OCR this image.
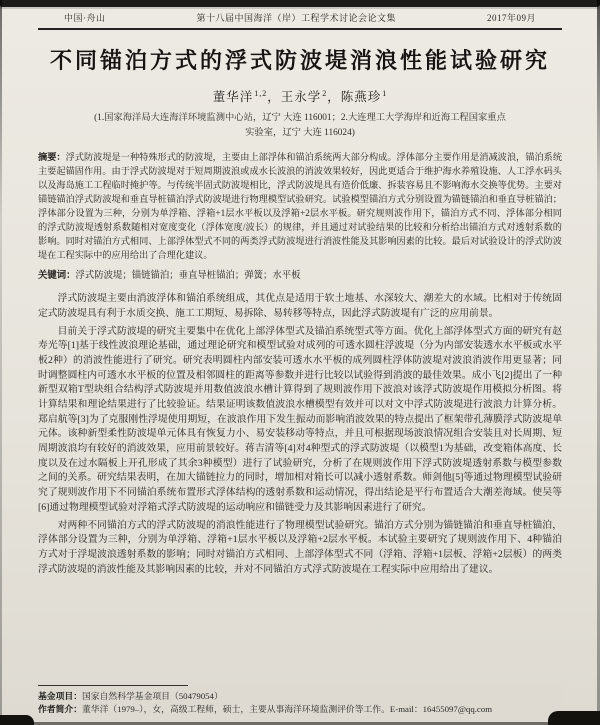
中国·舟山	第十八届中国海洋（岸）工程学术讨论会论文集	2017年09月
不同锚泊方式的浮式防波堤消浪性能试验研究
董华洋$^{1,2}$，王永学$^2$，陈燕珍$^1$
(1.国家海洋局大连海洋环境监测中心站，辽宁 大连 116001；2.大连理工大学海岸和近海工程国家重点
实验室，辽宁 大连 116024)

摘要：浮式防波堤是一种特殊形式的防波堤，主要由上部浮体和锚泊系统两大部分构成。浮体部分主要作用是消减波浪，锚泊系统主要起锚固作用。由于浮式防波堤对于短周期波浪或成水长波浪的消波效果较好，因此更适合于维护海水养殖设施、人工浮水码头以及海岛施工工程临时掩护等。与传统半固式防波堤相比，浮式防波堤具有造价低廉、拆装容易且不影响海水交换等优势。主要对锚链锚泊浮式防波堤和垂直导桩锚泊浮式防波堤进行物理模型试验研究。试验模型锚泊方式分别设置为锚链锚泊和垂直导桩锚泊；浮体部分设置为三种，分别为单浮箱、浮箱+1层水平板以及浮箱+2层水平板。研究规则波作用下，锚泊方式不同、浮体部分相同的浮式防波堤透射系数随相对宽度变化（浮体宽度/波长）的规律，并且通过对试验结果的比较和分析给出锚泊方式对透射系数的影响。同时对锚泊方式相同、上部浮体型式不同的两类浮式防波堤进行消波性能及其影响因素的比较。最后对试验设计的浮式防波堤在工程实际中的应用给出了合理化建议。

关键词：浮式防波堤；锚链锚泊；垂直导桩锚泊；弹簧；水平板

浮式防波堤主要由消波浮体和锚泊系统组成，其优点是适用于软土地基、水深较大、潮差大的水域。比相对于传统固定式防波堤具有利于水质交换、施工工期短、易拆除、易转移等特点，因此浮式防波堤有广泛的应用前景。

目前关于浮式防波堤的研究主要集中在优化上部浮体型式及锚泊系统型式等方面。优化上部浮体型式方面的研究有赵寿光等[1]基于线性波浪理论基础，通过理论研究和模型试验对成列的可透水圆柱浮波堤（分为内部安装透水水平板或水平板2种）的消波性能进行了研究。研究表明圆柱内部安装可透水水平板的成列圆柱浮体防波堤对波浪消波作用更显著；同时调整圆柱内可透水水平板的位置及相邻圆柱的距离等参数并进行比较以试验得到消波的最佳效果。成小飞[2]提出了一种新型双箱T型块组合结构浮式防波堤并用数值波浪水槽计算得到了规则波作用下波浪对该浮式防波堤作用模拟分析图。将计算结果和理论结果进行了比较验证。结果证明该数值波浪水槽模型有效并可以对文中浮式防波堤进行波浪力计算分析。郑启航等[3]为了克服刚性浮堤使用期短，在波浪作用下发生振动而影响消波效果的特点提出了框架带孔薄膜浮式防波堤单元体。该种新型柔性防波堤单元体具有恢复力小、易安装移动等特点，并且可根据现场波浪情况组合安装且对长周期、短周期波浪均有较好的消波效果，应用前景较好。蒋吉清等[4]对4种型式的浮式防波堤（以模型1为基础，改变箱体高度、长度以及在过水隔板上开孔形成了其余3种模型）进行了试验研究，分析了在规则波作用下浮式防波堤透射系数与模型参数之间的关系。研究结果表明，在加大锚链拉力的同时，增加相对箱长可以减小透射系数。师剑他[5]等通过物理模型试验研究了规则波作用下不同锚泊系统布置形式浮体结构的透射系数和运动情况，得出结论是平行布置适合大潮差海域。使吴等[6]通过物理模型试验对浮箱式浮式防波堤的运动响应和锚链受力及其影响因素进行了研究。

对两种不同锚泊方式的浮式防波堤的消浪性能进行了物理模型试验研究。锚泊方式分别为锚链锚泊和垂直导桩锚泊，浮体部分设置为三种，分别为单浮箱、浮箱+1层水平板以及浮箱+2层水平板。本试验主要研究了规则波作用下、4种锚泊方式对于浮堤波浪透射系数的影响；同时对锚泊方式相同、上部浮体型式不同（浮箱、浮箱+1层板、浮箱+2层板）的两类浮式防波堤的消波性能及其影响因素的比较，并对不同锚泊方式浮式防波堤在工程实际中应用给出了建议。

基金项目：国家自然科学基金项目（50479054）
作者简介：董华洋（1979–），女，高级工程师，硕士，主要从事海洋环境监测评价等工作。E-mail：16455097@qq.com
